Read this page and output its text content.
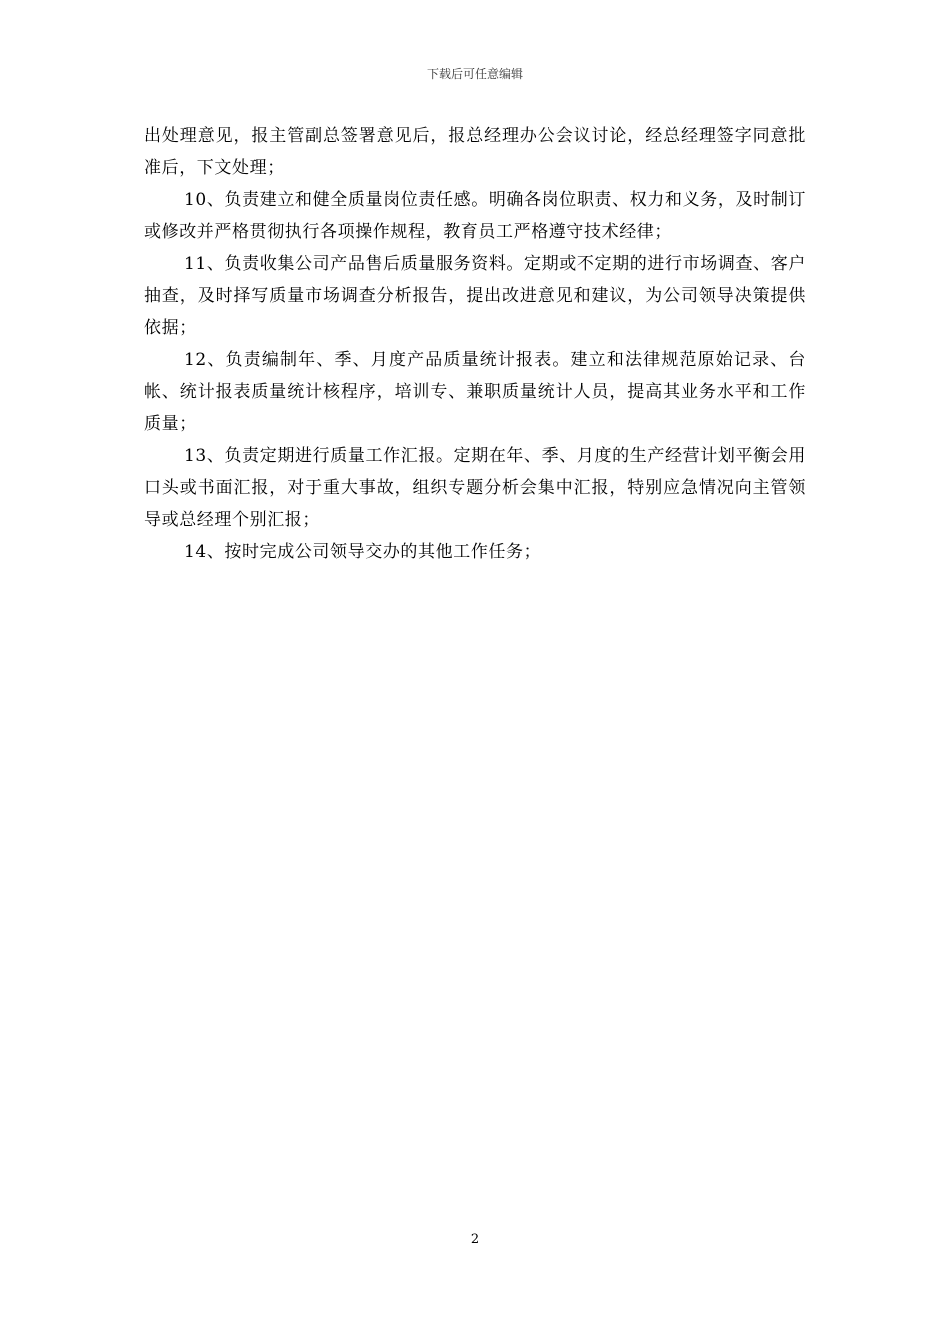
下载后可任意编辑

出处理意见，报主管副总签署意见后，报总经理办公会议讨论，经总经理签字同意批准后，下文处理；

10、负责建立和健全质量岗位责任感。明确各岗位职责、权力和义务，及时制订或修改并严格贯彻执行各项操作规程，教育员工严格遵守技术经律；

11、负责收集公司产品售后质量服务资料。定期或不定期的进行市场调查、客户抽查，及时择写质量市场调查分析报告，提出改进意见和建议，为公司领导决策提供依据；

12、负责编制年、季、月度产品质量统计报表。建立和法律规范原始记录、台帐、统计报表质量统计核程序，培训专、兼职质量统计人员，提高其业务水平和工作质量；

13、负责定期进行质量工作汇报。定期在年、季、月度的生产经营计划平衡会用口头或书面汇报，对于重大事故，组织专题分析会集中汇报，特别应急情况向主管领导或总经理个别汇报；

14、按时完成公司领导交办的其他工作任务；

2
